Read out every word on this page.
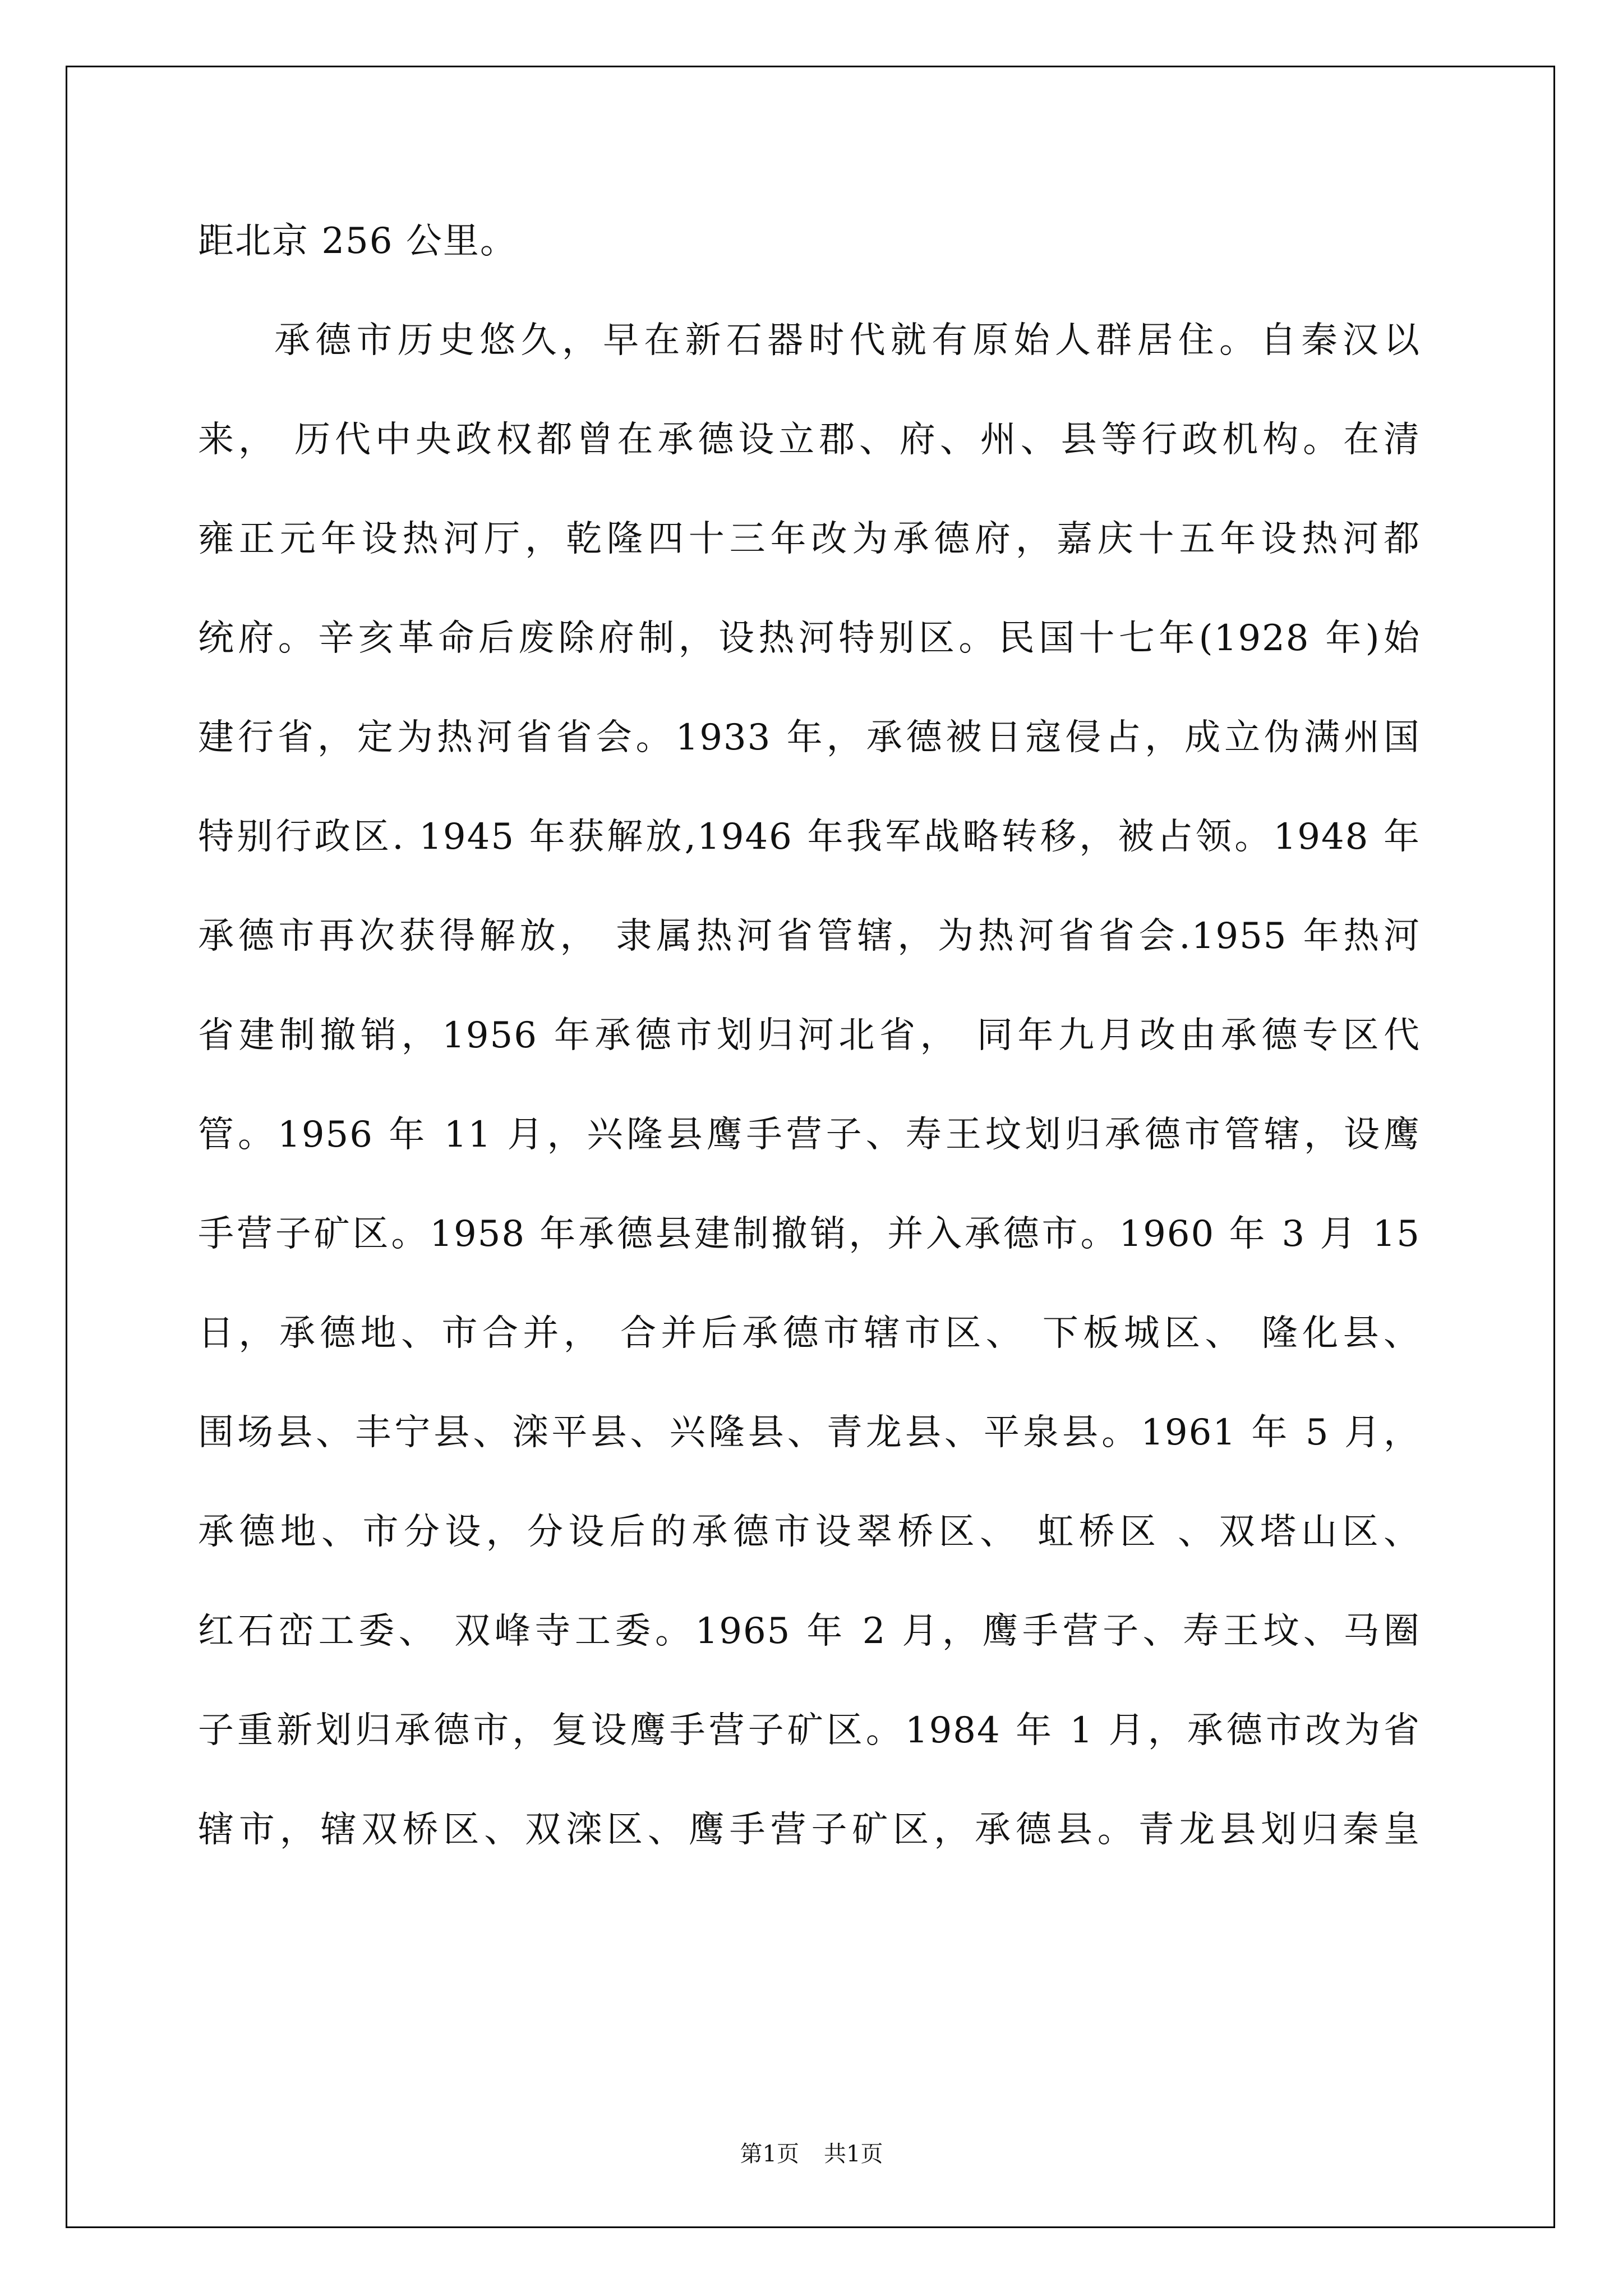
距北京 256 公里。
承德市历史悠久，早在新石器时代就有原始人群居住。自秦汉以
来， 历代中央政权都曾在承德设立郡、府、州、县等行政机构。在清
雍正元年设热河厅，乾隆四十三年改为承德府，嘉庆十五年设热河都
统府。辛亥革命后废除府制，设热河特别区。民国十七年(1928 年)始
建行省，定为热河省省会。1933 年，承德被日寇侵占，成立伪满州国
特别行政区. 1945 年获解放,1946 年我军战略转移，被占领。1948 年
承德市再次获得解放， 隶属热河省管辖，为热河省省会.1955 年热河
省建制撤销，1956 年承德市划归河北省， 同年九月改由承德专区代
管。1956 年 11 月，兴隆县鹰手营子、寿王坟划归承德市管辖，设鹰
手营子矿区。1958 年承德县建制撤销，并入承德市。1960 年 3 月 15
日，承德地、市合并， 合并后承德市辖市区、 下板城区、 隆化县、
围场县、丰宁县、滦平县、兴隆县、青龙县、平泉县。1961 年 5 月，
承德地、市分设，分设后的承德市设翠桥区、 虹桥区 、双塔山区、
红石峦工委、 双峰寺工委。1965 年 2 月，鹰手营子、寿王坟、马圈
子重新划归承德市，复设鹰手营子矿区。1984 年 1 月，承德市改为省
辖市，辖双桥区、双滦区、鹰手营子矿区，承德县。青龙县划归秦皇
第1页 共1页
